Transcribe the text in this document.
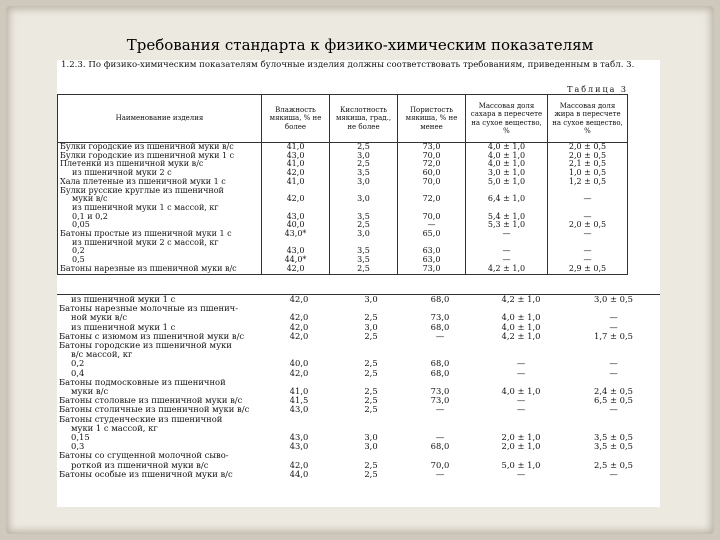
Требования стандарта к физико-химическим показателям
1.2.3. По физико-химическим показателям булочные изделия должны соответствовать требованиям, приведенным в табл. 3.
Таблица 3
Наименование изделия	Влажность мякиша, % не более	Кислотность мякиша, град., не более	Пористость мякиша, % не менее	Массовая доля сахара в пересчете на сухое вещество, %	Массовая доля жира в пересчете на сухое вещество, %
Булки городские из пшеничной муки в/с	41,0	2,5	73,0	4,0 ± 1,0	2,0 ± 0,5
Булки городские из пшеничной муки 1 с	43,0	3,0	70,0	4,0 ± 1,0	2,0 ± 0,5
Плетенки из пшеничной муки в/с	41,0	2,5	72,0	4,0 ± 1,0	2,1 ± 0,5
из пшеничной муки 2 с	42,0	3,5	60,0	3,0 ± 1,0	1,0 ± 0,5
Хала плетеные из пшеничной муки 1 с	41,0	3,0	70,0	5,0 ± 1,0	1,2 ± 0,5
Булки русские круглые из пшеничной					
муки в/с	42,0	3,0	72,0	6,4 ± 1,0	—
из пшеничной муки 1 с массой, кг					
0,1 и 0,2	43,0	3,5	70,0	5,4 ± 1,0	—
0,05	40,0	2,5	—	5,3 ± 1,0	2,0 ± 0,5
Батоны простые из пшеничной муки 1 с	43,0*	3,0	65,0	—	—
из пшеничной муки 2 с массой, кг					
0,2	43,0	3,5	63,0	—	—
0,5	44,0*	3,5	63,0	—	—
Батоны нарезные из пшеничной муки в/с	42,0	2,5	73,0	4,2 ± 1,0	2,9 ± 0,5
из пшеничной муки 1 с	42,0	3,0	68,0	4,2 ± 1,0	3,0 ± 0,5
Батоны нарезные молочные из пшенич-					
ной муки в/с	42,0	2,5	73,0	4,0 ± 1,0	—
из пшеничной муки 1 с	42,0	3,0	68,0	4,0 ± 1,0	—
Батоны с изюмом из пшеничной муки в/с	42,0	2,5	—	4,2 ± 1,0	1,7 ± 0,5
Батоны городские из пшеничной муки					
в/с массой, кг					
0,2	40,0	2,5	68,0	—	—
0,4	42,0	2,5	68,0	—	—
Батоны подмосковные из пшеничной					
муки в/с	41,0	2,5	73,0	4,0 ± 1,0	2,4 ± 0,5
Батоны столовые из пшеничной муки в/с	41,5	2,5	73,0	—	6,5 ± 0,5
Батоны столичные из пшеничной муки в/с	43,0	2,5	—	—	—
Батоны студенческие из пшеничной					
муки 1 с массой, кг					
0,15	43,0	3,0	—	2,0 ± 1,0	3,5 ± 0,5
0,3	43,0	3,0	68,0	2,0 ± 1,0	3,5 ± 0,5
Батоны со сгущенной молочной сыво-					
роткой из пшеничной муки в/с	42,0	2,5	70,0	5,0 ± 1,0	2,5 ± 0,5
Батоны особые из пшеничной муки в/с	44,0	2,5	—	—	—
